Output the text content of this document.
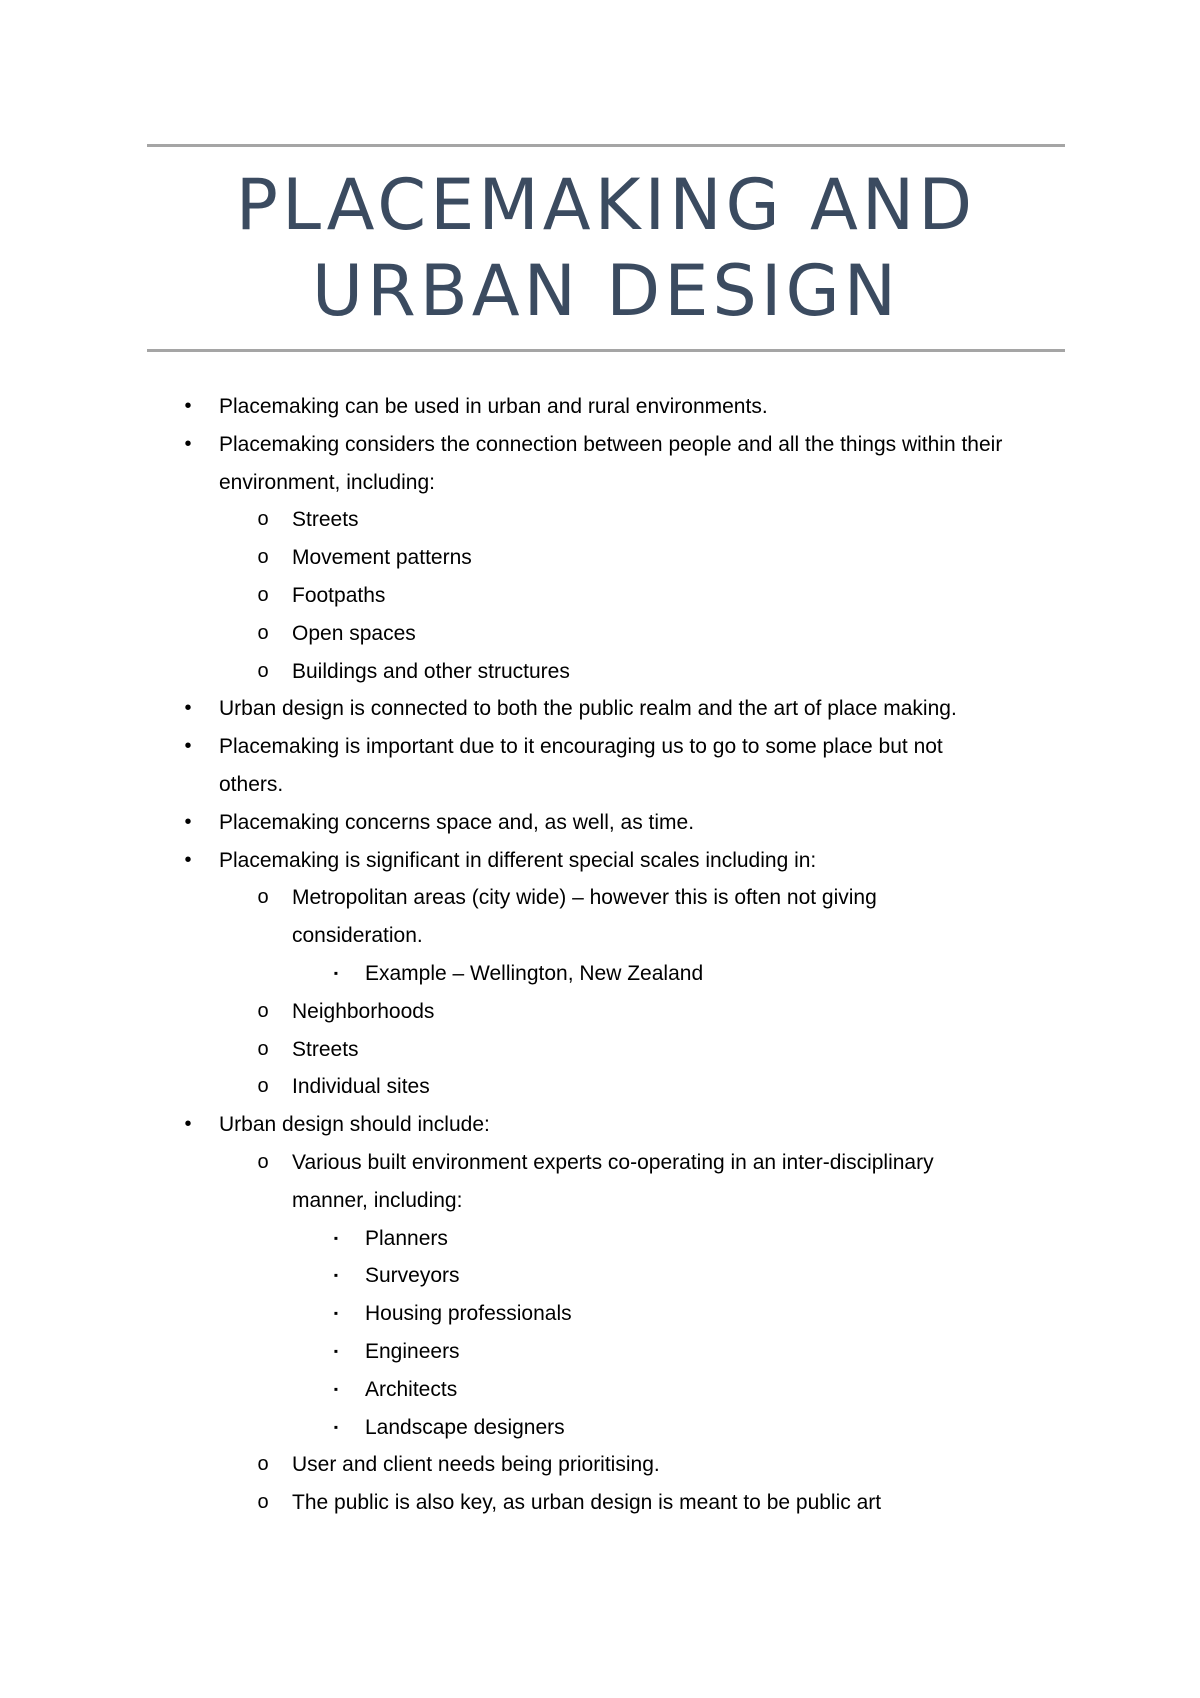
PLACEMAKING AND
URBAN DESIGN
•	Placemaking can be used in urban and rural environments.
•	Placemaking considers the connection between people and all the things within their
environment, including:
o Streets
o Movement patterns
o Footpaths
o Open spaces
o Buildings and other structures
•	Urban design is connected to both the public realm and the art of place making.
•	Placemaking is important due to it encouraging us to go to some place but not
others.
•	Placemaking concerns space and, as well, as time.
•	Placemaking is significant in different special scales including in:
o Metropolitan areas (city wide) – however this is often not giving
consideration.
▪	Example – Wellington, New Zealand
o Neighborhoods
o Streets
o Individual sites
•	Urban design should include:
o Various built environment experts co-operating in an inter-disciplinary
manner, including:
▪	Planners
▪	Surveyors
▪	Housing professionals
▪	Engineers
▪	Architects
▪	Landscape designers
o User and client needs being prioritising.
o The public is also key, as urban design is meant to be public art
